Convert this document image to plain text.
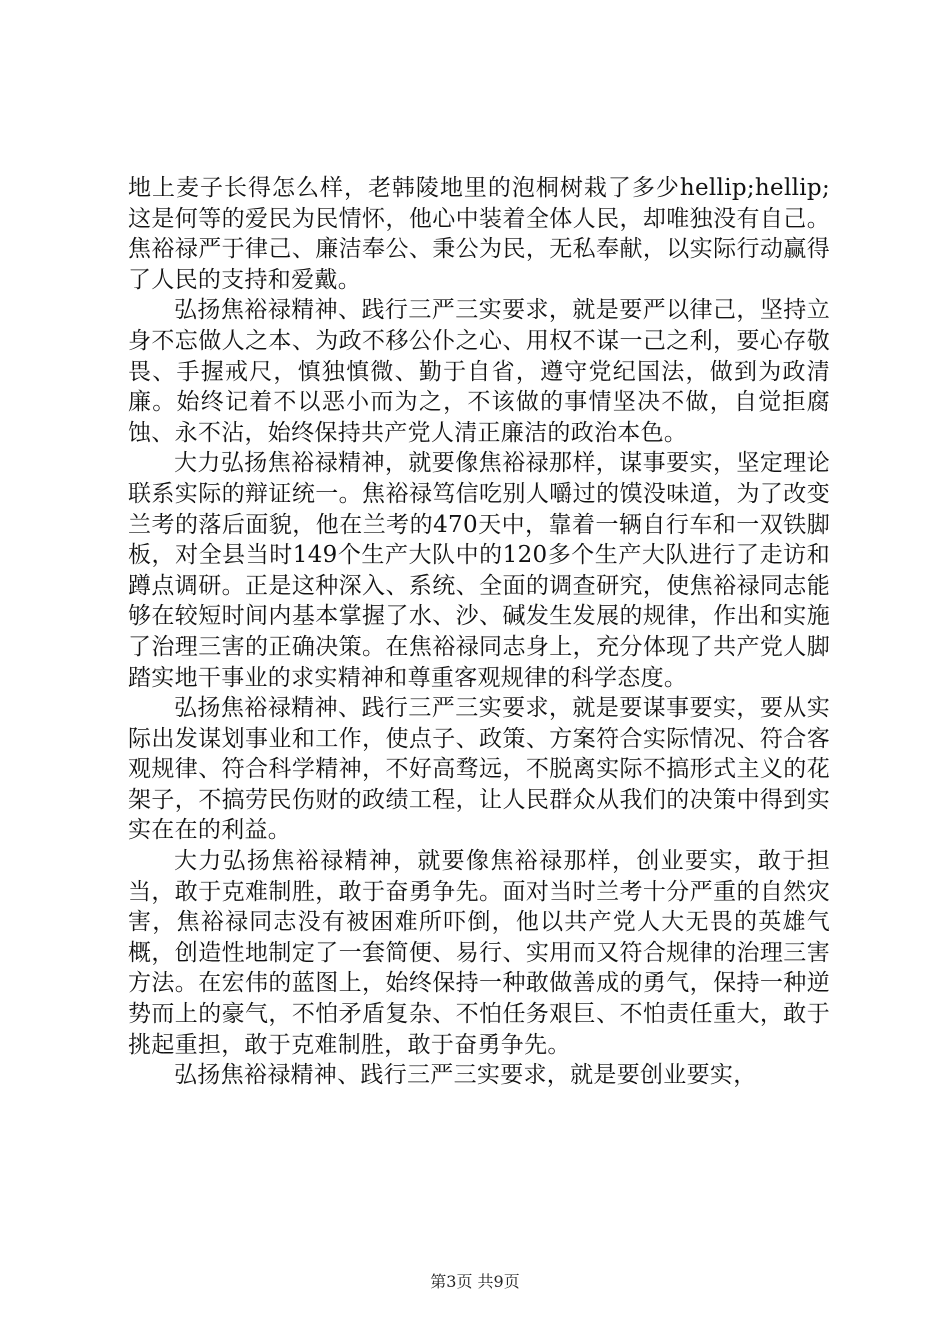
地上麦子长得怎么样，老韩陵地里的泡桐树栽了多少hellip;hellip;这是何等的爱民为民情怀，他心中装着全体人民，却唯独没有自己。焦裕禄严于律己、廉洁奉公、秉公为民，无私奉献，以实际行动赢得了人民的支持和爱戴。

弘扬焦裕禄精神、践行三严三实要求，就是要严以律己，坚持立身不忘做人之本、为政不移公仆之心、用权不谋一己之利，要心存敬畏、手握戒尺，慎独慎微、勤于自省，遵守党纪国法，做到为政清廉。始终记着不以恶小而为之，不该做的事情坚决不做，自觉拒腐蚀、永不沾，始终保持共产党人清正廉洁的政治本色。

大力弘扬焦裕禄精神，就要像焦裕禄那样，谋事要实，坚定理论联系实际的辩证统一。焦裕禄笃信吃别人嚼过的馍没味道，为了改变兰考的落后面貌，他在兰考的470天中，靠着一辆自行车和一双铁脚板，对全县当时149个生产大队中的120多个生产大队进行了走访和蹲点调研。正是这种深入、系统、全面的调查研究，使焦裕禄同志能够在较短时间内基本掌握了水、沙、碱发生发展的规律，作出和实施了治理三害的正确决策。在焦裕禄同志身上，充分体现了共产党人脚踏实地干事业的求实精神和尊重客观规律的科学态度。

弘扬焦裕禄精神、践行三严三实要求，就是要谋事要实，要从实际出发谋划事业和工作，使点子、政策、方案符合实际情况、符合客观规律、符合科学精神，不好高骛远，不脱离实际不搞形式主义的花架子，不搞劳民伤财的政绩工程，让人民群众从我们的决策中得到实实在在的利益。

大力弘扬焦裕禄精神，就要像焦裕禄那样，创业要实，敢于担当，敢于克难制胜，敢于奋勇争先。面对当时兰考十分严重的自然灾害，焦裕禄同志没有被困难所吓倒，他以共产党人大无畏的英雄气概，创造性地制定了一套简便、易行、实用而又符合规律的治理三害方法。在宏伟的蓝图上，始终保持一种敢做善成的勇气，保持一种逆势而上的豪气，不怕矛盾复杂、不怕任务艰巨、不怕责任重大，敢于挑起重担，敢于克难制胜，敢于奋勇争先。

弘扬焦裕禄精神、践行三严三实要求，就是要创业要实，

第3页 共9页
